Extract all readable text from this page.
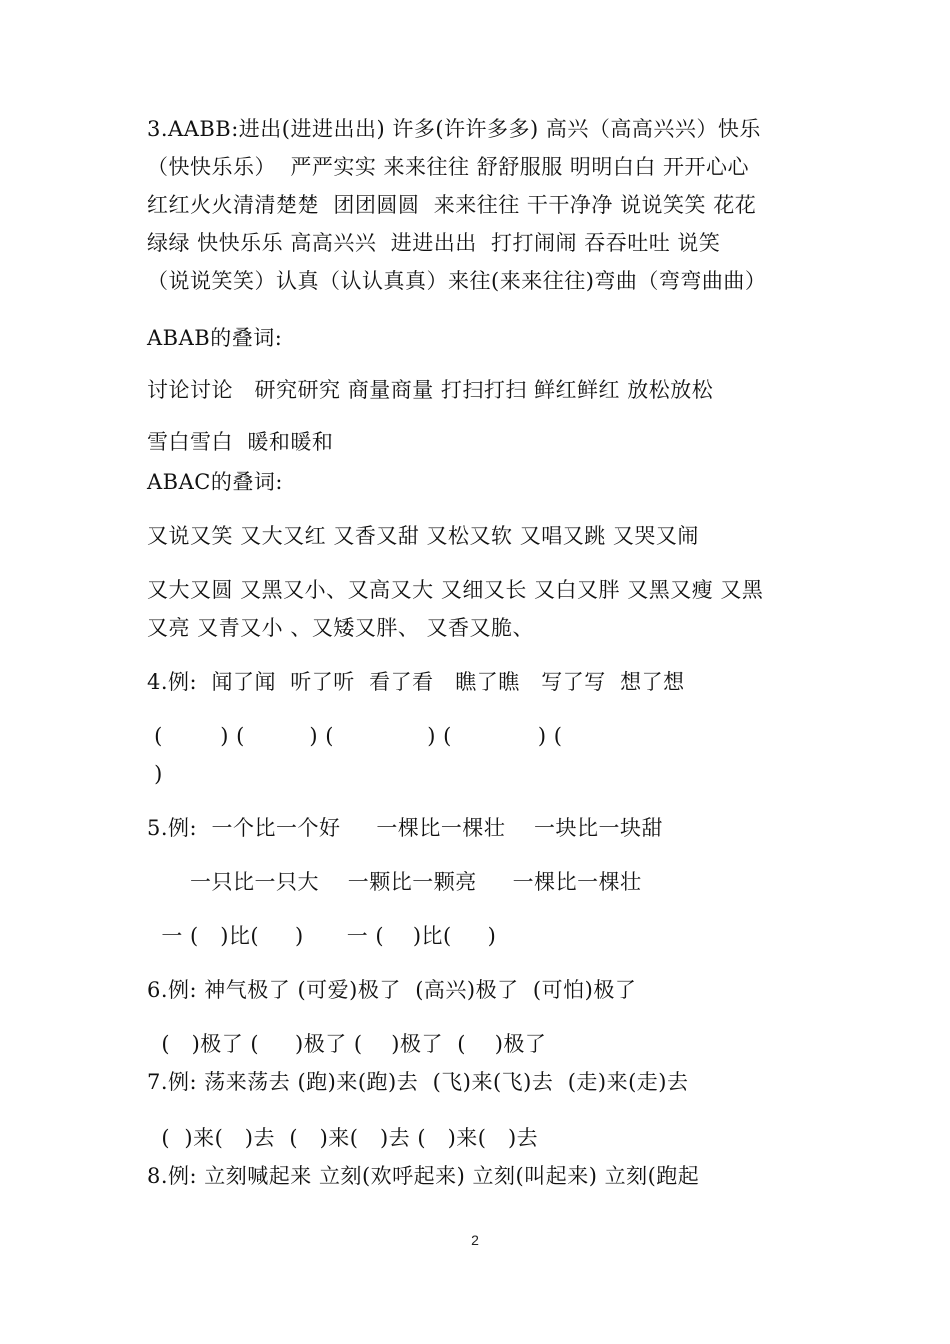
3.AABB:进出(进进出出) 许多(许许多多) 高兴（高高兴兴）快乐
（快快乐乐）  严严实实 来来往往 舒舒服服 明明白白 开开心心
红红火火清清楚楚  团团圆圆  来来往往 干干净净 说说笑笑 花花
绿绿 快快乐乐 高高兴兴  进进出出  打打闹闹 吞吞吐吐 说笑
（说说笑笑）认真（认认真真）来往(来来往往)弯曲（弯弯曲曲）
ABAB的叠词:
讨论讨论   研究研究 商量商量 打扫打扫 鲜红鲜红 放松放松
雪白雪白  暖和暖和
ABAC的叠词:
又说又笑 又大又红 又香又甜 又松又软 又唱又跳 又哭又闹
又大又圆 又黑又小、又高又大 又细又长 又白又胖 又黑又瘦 又黑
又亮 又青又小 、又矮又胖、 又香又脆、
4.例:  闻了闻  听了听  看了看   瞧了瞧   写了写  想了想
(        ) (         ) (             ) (            ) (
)
5.例:  一个比一个好     一棵比一棵壮    一块比一块甜
一只比一只大    一颗比一颗亮     一棵比一棵壮
一 (   )比(     )      一 (    )比(     )
6.例: 神气极了 (可爱)极了  (高兴)极了  (可怕)极了
(   )极了 (     )极了 (    )极了  (    )极了
7.例: 荡来荡去 (跑)来(跑)去  (飞)来(飞)去  (走)来(走)去
(  )来(   )去  (   )来(   )去 (   )来(   )去
8.例: 立刻喊起来 立刻(欢呼起来) 立刻(叫起来) 立刻(跑起
2
